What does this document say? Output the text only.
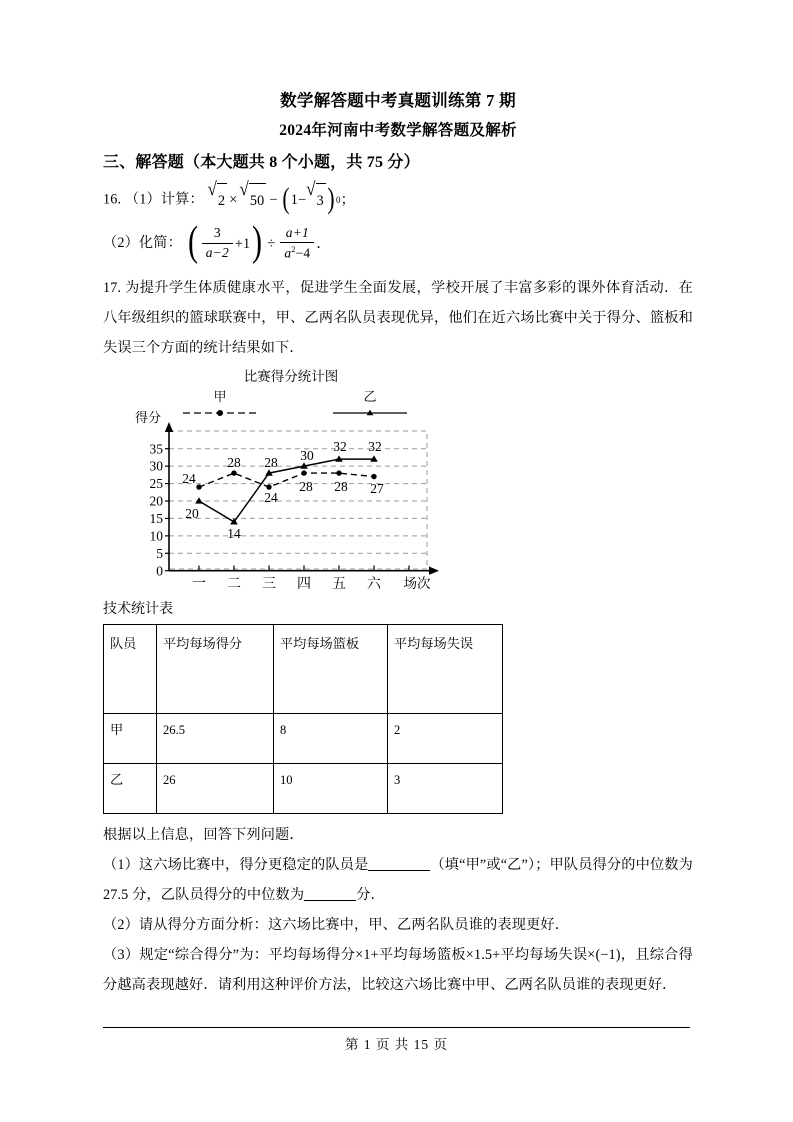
数学解答题中考真题训练第 7 期
2024年河南中考数学解答题及解析
三、解答题（本大题共 8 个小题，共 75 分）
16. （1）计算： √
2 ×
√
50 − ( 1 −
√
3 ) 0 ；
（2）化简： ( $\frac{3}{a-2} +1$ ) ÷ $\frac{a+1}{a^2-4}$ ．
17. 为提升学生体质健康水平，促进学生全面发展，学校开展了丰富多彩的课外体育活动．在八年级组织的篮球联赛中，甲、乙两名队员表现优异，他们在近六场比赛中关于得分、篮板和失误三个方面的统计结果如下．
比赛得分统计图
甲	乙
得分
0
5
10
15
20
25
30
35
一 二 三 四 五 六 场次
24
28
24
28 28 27
20
14
28 30
32 32
技术统计表
队员	平均每场得分	平均每场篮板	平均每场失误
甲	26.5	8	2
乙	26	10	3
根据以上信息，回答下列问题．
（1）这六场比赛中，得分更稳定的队员是	（填“甲”或“乙”）；甲队员得分的中位数为 27.5 分，乙队员得分的中位数为	分．
（2）请从得分方面分析：这六场比赛中，甲、乙两名队员谁的表现更好．
（3）规定“综合得分”为：平均每场得分×1+平均每场篮板×1.5+平均每场失误×(−1)，且综合得分越高表现越好．请利用这种评价方法，比较这六场比赛中甲、乙两名队员谁的表现更好．
第 1 页 共 15 页
